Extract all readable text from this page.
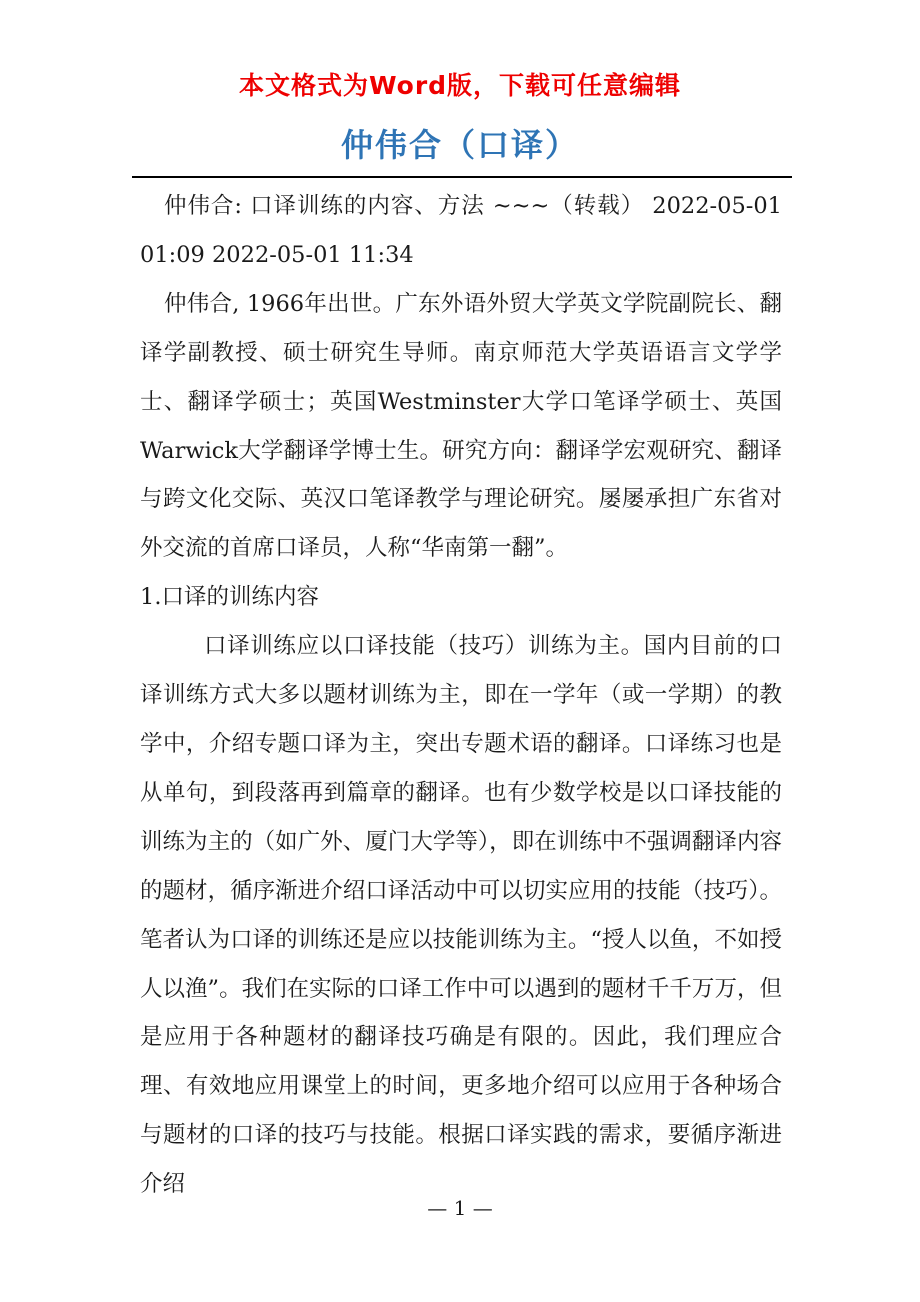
本文格式为Word版，下载可任意编辑
仲伟合（口译）

仲伟合: 口译训练的内容、方法 ~~~（转载） 2022-05-01 01:09 2022-05-01 11:34

仲伟合, 1966年出世。广东外语外贸大学英文学院副院长、翻译学副教授、硕士研究生导师。南京师范大学英语语言文学学士、翻译学硕士；英国Westminster大学口笔译学硕士、英国Warwick大学翻译学博士生。研究方向：翻译学宏观研究、翻译与跨文化交际、英汉口笔译教学与理论研究。屡屡承担广东省对外交流的首席口译员，人称“华南第一翻”。

1.口译的训练内容

口译训练应以口译技能（技巧）训练为主。国内目前的口译训练方式大多以题材训练为主，即在一学年（或一学期）的教学中，介绍专题口译为主，突出专题术语的翻译。口译练习也是从单句，到段落再到篇章的翻译。也有少数学校是以口译技能的训练为主的（如广外、厦门大学等），即在训练中不强调翻译内容的题材，循序渐进介绍口译活动中可以切实应用的技能（技巧）。笔者认为口译的训练还是应以技能训练为主。“授人以鱼，不如授人以渔”。我们在实际的口译工作中可以遇到的题材千千万万，但是应用于各种题材的翻译技巧确是有限的。因此，我们理应合理、有效地应用课堂上的时间，更多地介绍可以应用于各种场合与题材的口译的技巧与技能。根据口译实践的需求，要循序渐进介绍

— 1 —
